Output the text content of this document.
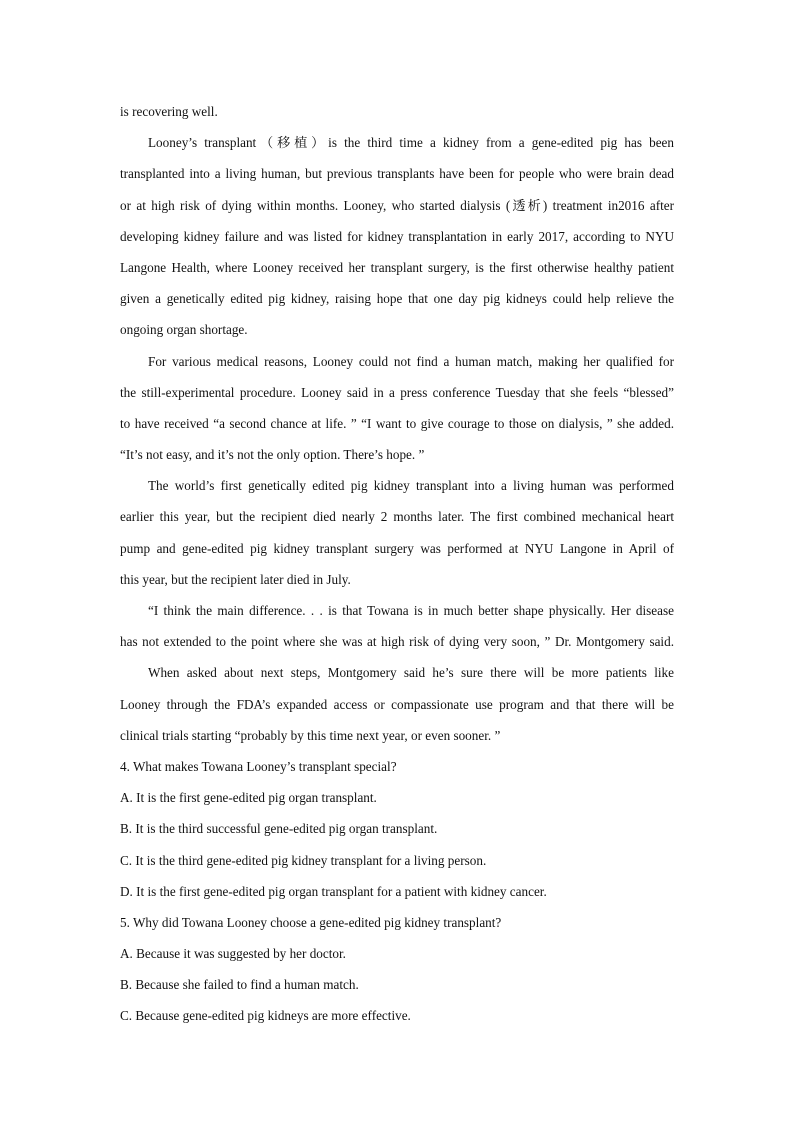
is recovering well.
Looney’s transplant（移植）is the third time a kidney from a gene-edited pig has been
transplanted into a living human, but previous transplants have been for people who were brain dead
or at high risk of dying within months. Looney, who started dialysis (透析) treatment in2016 after
developing kidney failure and was listed for kidney transplantation in early 2017, according to NYU
Langone Health, where Looney received her transplant surgery, is the first otherwise healthy patient
given a genetically edited pig kidney, raising hope that one day pig kidneys could help relieve the
ongoing organ shortage.
For various medical reasons, Looney could not find a human match, making her qualified for
the still-experimental procedure. Looney said in a press conference Tuesday that she feels “blessed”
to have received “a second chance at life. ” “I want to give courage to those on dialysis, ” she added.
“It’s not easy, and it’s not the only option. There’s hope. ”
The world’s first genetically edited pig kidney transplant into a living human was performed
earlier this year, but the recipient died nearly 2 months later. The first combined mechanical heart
pump and gene-edited pig kidney transplant surgery was performed at NYU Langone in April of
this year, but the recipient later died in July.
“I think the main difference. . . is that Towana is in much better shape physically. Her disease
has not extended to the point where she was at high risk of dying very soon, ” Dr. Montgomery said.
When asked about next steps, Montgomery said he’s sure there will be more patients like
Looney through the FDA’s expanded access or compassionate use program and that there will be
clinical trials starting “probably by this time next year, or even sooner. ”
4. What makes Towana Looney’s transplant special?
A. It is the first gene-edited pig organ transplant.
B. It is the third successful gene-edited pig organ transplant.
C. It is the third gene-edited pig kidney transplant for a living person.
D. It is the first gene-edited pig organ transplant for a patient with kidney cancer.
5. Why did Towana Looney choose a gene-edited pig kidney transplant?
A. Because it was suggested by her doctor.
B. Because she failed to find a human match.
C. Because gene-edited pig kidneys are more effective.
